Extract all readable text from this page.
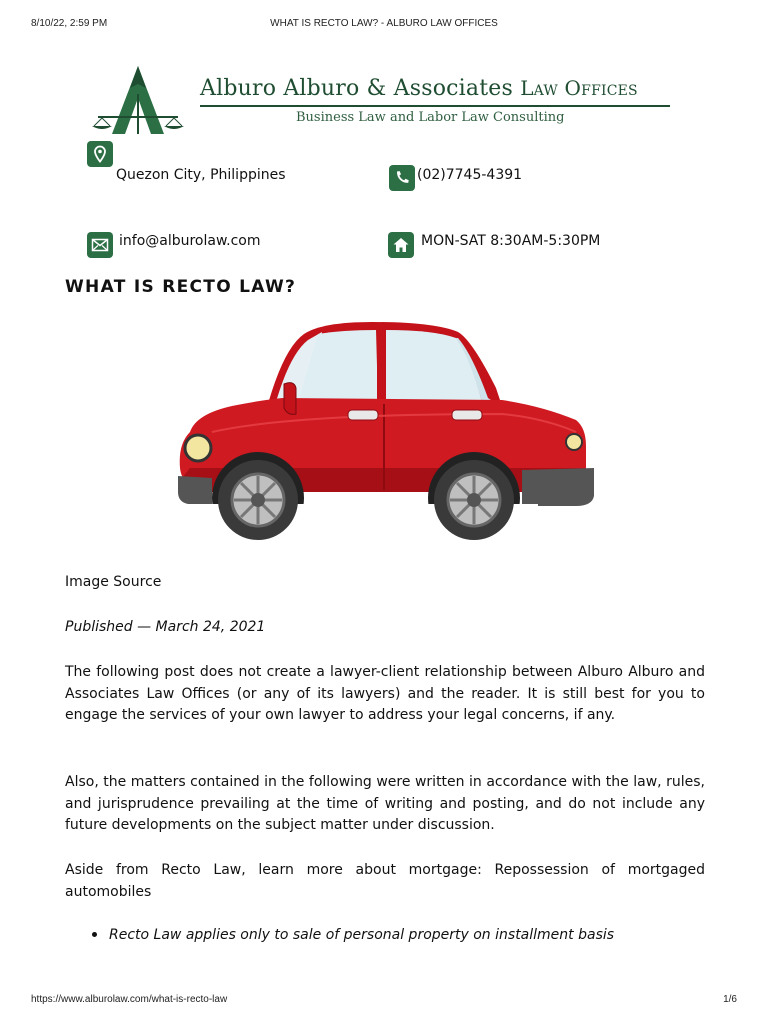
8/10/22, 2:59 PM	WHAT IS RECTO LAW? - ALBURO LAW OFFICES
Alburo Alburo & Associates Law Offices
Business Law and Labor Law Consulting
Quezon City, Philippines	(02)7745-4391
info@alburolaw.com	MON-SAT 8:30AM-5:30PM
WHAT IS RECTO LAW?

Image Source

Published — March 24, 2021

The following post does not create a lawyer-client relationship between Alburo Alburo and Associates Law Offices (or any of its lawyers) and the reader. It is still best for you to engage the services of your own lawyer to address your legal concerns, if any.

Also, the matters contained in the following were written in accordance with the law, rules, and jurisprudence prevailing at the time of writing and posting, and do not include any future developments on the subject matter under discussion.

Aside from Recto Law, learn more about mortgage: Repossession of mortgaged automobiles

Recto Law applies only to sale of personal property on installment basis
https://www.alburolaw.com/what-is-recto-law	1/6
